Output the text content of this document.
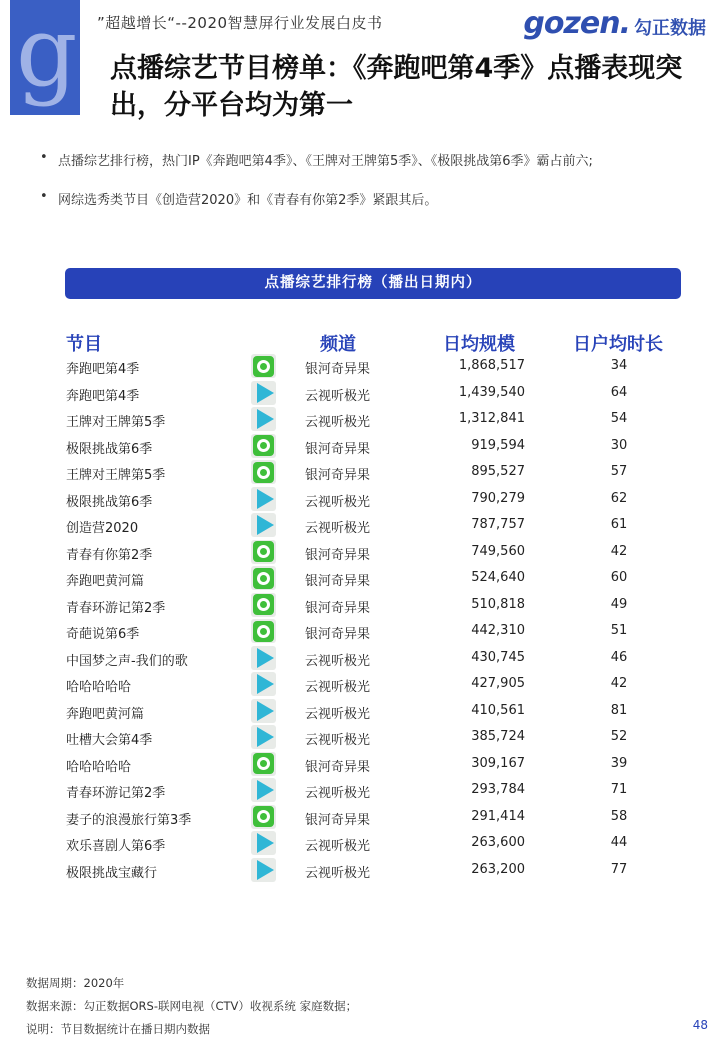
g ”超越增长“--2020智慧屏行业发展白皮书	gozen. 勾正数据
点播综艺节目榜单：《奔跑吧第4季》点播表现突出，分平台均为第一
• 点播综艺排行榜，热门IP《奔跑吧第4季》、《王牌对王牌第5季》、《极限挑战第6季》霸占前六;
• 网综选秀类节目《创造营2020》和《青春有你第2季》紧跟其后。
点播综艺排行榜（播出日期内）
节目	频道	日均规模	日户均时长
奔跑吧第4季	银河奇异果	1,868,517	34
奔跑吧第4季	云视听极光	1,439,540	64
王牌对王牌第5季	云视听极光	1,312,841	54
极限挑战第6季	银河奇异果	919,594	30
王牌对王牌第5季	银河奇异果	895,527	57
极限挑战第6季	云视听极光	790,279	62
创造营2020	云视听极光	787,757	61
青春有你第2季	银河奇异果	749,560	42
奔跑吧黄河篇	银河奇异果	524,640	60
青春环游记第2季	银河奇异果	510,818	49
奇葩说第6季	银河奇异果	442,310	51
中国梦之声-我们的歌	云视听极光	430,745	46
哈哈哈哈哈	云视听极光	427,905	42
奔跑吧黄河篇	云视听极光	410,561	81
吐槽大会第4季	云视听极光	385,724	52
哈哈哈哈哈	银河奇异果	309,167	39
青春环游记第2季	云视听极光	293,784	71
妻子的浪漫旅行第3季	银河奇异果	291,414	58
欢乐喜剧人第6季	云视听极光	263,600	44
极限挑战宝藏行	云视听极光	263,200	77
数据周期：2020年
数据来源：勾正数据ORS-联网电视（CTV）收视系统 家庭数据；
说明：节目数据统计在播日期内数据	48
